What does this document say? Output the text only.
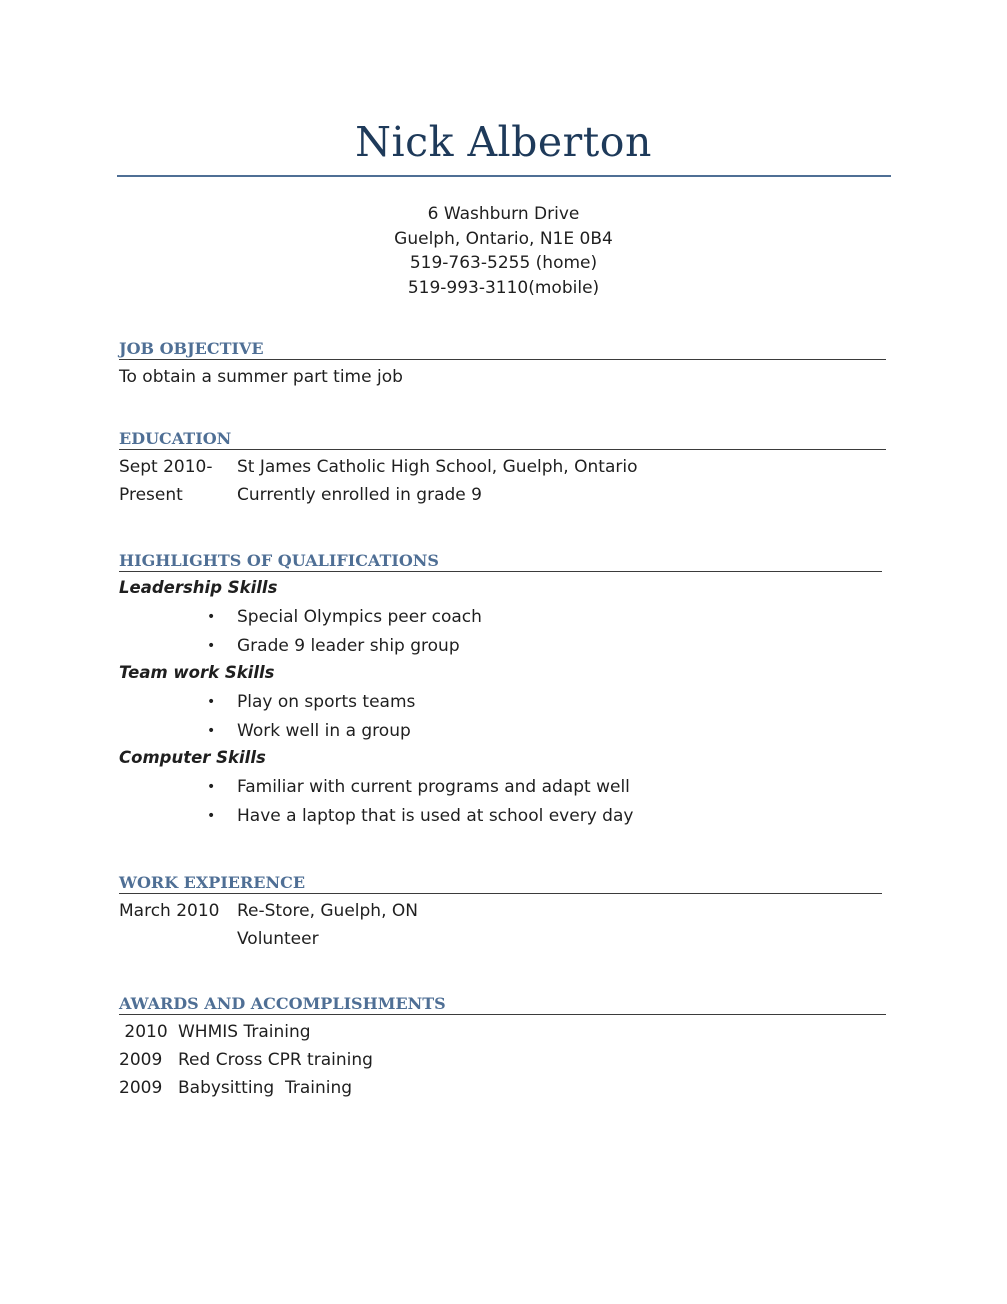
Nick Alberton
6 Washburn Drive
Guelph, Ontario, N1E 0B4
519-763-5255 (home)
519-993-3110(mobile)
JOB OBJECTIVE
To obtain a summer part time job
EDUCATION
Sept 2010- St James Catholic High School, Guelph, Ontario
Present	Currently enrolled in grade 9
HIGHLIGHTS OF QUALIFICATIONS
Leadership Skills
• Special Olympics peer coach
• Grade 9 leader ship group
Team work Skills
• Play on sports teams
• Work well in a group
Computer Skills
• Familiar with current programs and adapt well
• Have a laptop that is used at school every day
WORK EXPIERENCE
March 2010 Re-Store, Guelph, ON
Volunteer
AWARDS AND ACCOMPLISHMENTS
2010 WHMIS Training
2009 Red Cross CPR training
2009 Babysitting  Training
